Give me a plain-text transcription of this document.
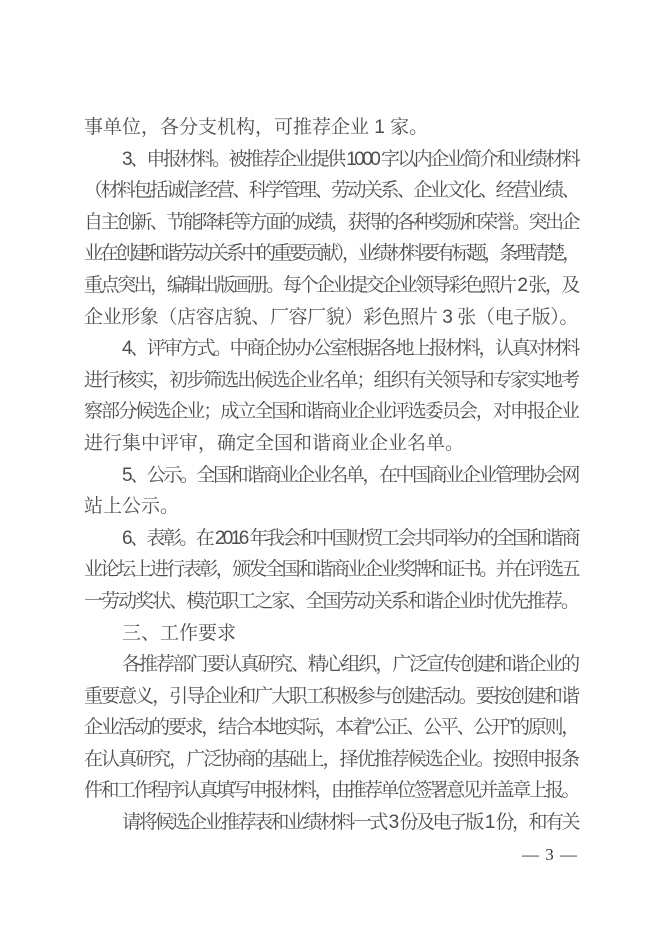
事单位，各分支机构，可推荐企业 1 家。
3、申报材料。被推荐企业提供 1000 字以内企业简介和业绩材料
（材料包括诚信经营、科学管理、劳动关系、企业文化、经营业绩、
自主创新、节能降耗等方面的成绩，获得的各种奖励和荣誉。突出企
业在创建和谐劳动关系中的重要贡献），业绩材料要有标题，条理清楚，
重点突出，编辑出版画册。每个企业提交企业领导彩色照片 2 张，及
企业形象（店容店貌、厂容厂貌）彩色照片 3 张（电子版）。
4、评审方式。中商企协办公室根据各地上报材料，认真对材料
进行核实，初步筛选出候选企业名单；组织有关领导和专家实地考
察部分候选企业；成立全国和谐商业企业评选委员会，对申报企业
进行集中评审，确定全国和谐商业企业名单。
5、公示。全国和谐商业企业名单，在中国商业企业管理协会网
站上公示。
6、表彰。在 2016 年我会和中国财贸工会共同举办的全国和谐商
业论坛上进行表彰，颁发全国和谐商业企业奖牌和证书。并在评选五
一劳动奖状、模范职工之家、全国劳动关系和谐企业时优先推荐。
三、工作要求
各推荐部门要认真研究、精心组织，广泛宣传创建和谐企业的
重要意义，引导企业和广大职工积极参与创建活动。要按创建和谐
企业活动的要求，结合本地实际，本着“公正、公平、公开”的原则，
在认真研究，广泛协商的基础上，择优推荐候选企业。按照申报条
件和工作程序认真填写申报材料，由推荐单位签署意见并盖章上报。
请将候选企业推荐表和业绩材料一式 3 份及电子版 1 份，和有关
— 3 —
